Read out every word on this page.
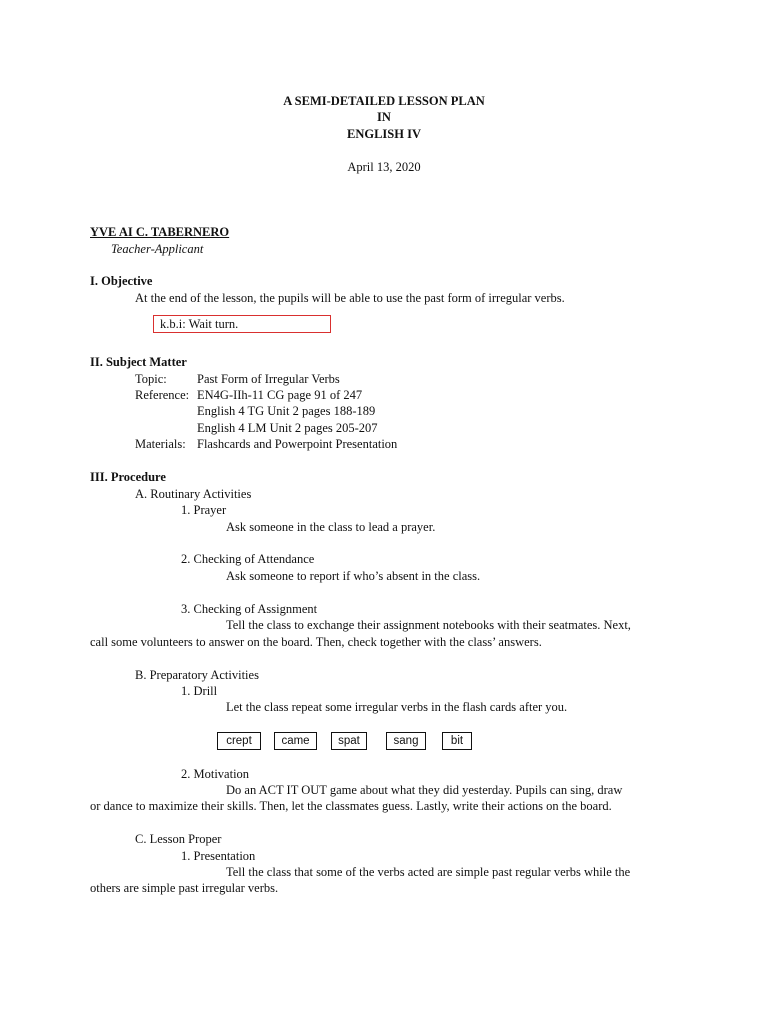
A SEMI-DETAILED LESSON PLAN
IN
ENGLISH IV
April 13, 2020
YVE AI C. TABERNERO
Teacher-Applicant
I. Objective
At the end of the lesson, the pupils will be able to use the past form of irregular verbs.
k.b.i: Wait turn.
II. Subject Matter
Topic: Past Form of Irregular Verbs
Reference: EN4G-IIh-11 CG page 91 of 247
English 4 TG Unit 2 pages 188-189
English 4 LM Unit 2 pages 205-207
Materials: Flashcards and Powerpoint Presentation
III. Procedure
A. Routinary Activities
1. Prayer
Ask someone in the class to lead a prayer.
2. Checking of Attendance
Ask someone to report if who’s absent in the class.
3. Checking of Assignment
Tell the class to exchange their assignment notebooks with their seatmates. Next,
call some volunteers to answer on the board. Then, check together with the class’ answers.
B. Preparatory Activities
1. Drill
Let the class repeat some irregular verbs in the flash cards after you.
crept	came	spat	sang	bit
2. Motivation
Do an ACT IT OUT game about what they did yesterday. Pupils can sing, draw
or dance to maximize their skills. Then, let the classmates guess. Lastly, write their actions on the board.
C. Lesson Proper
1. Presentation
Tell the class that some of the verbs acted are simple past regular verbs while the
others are simple past irregular verbs.
